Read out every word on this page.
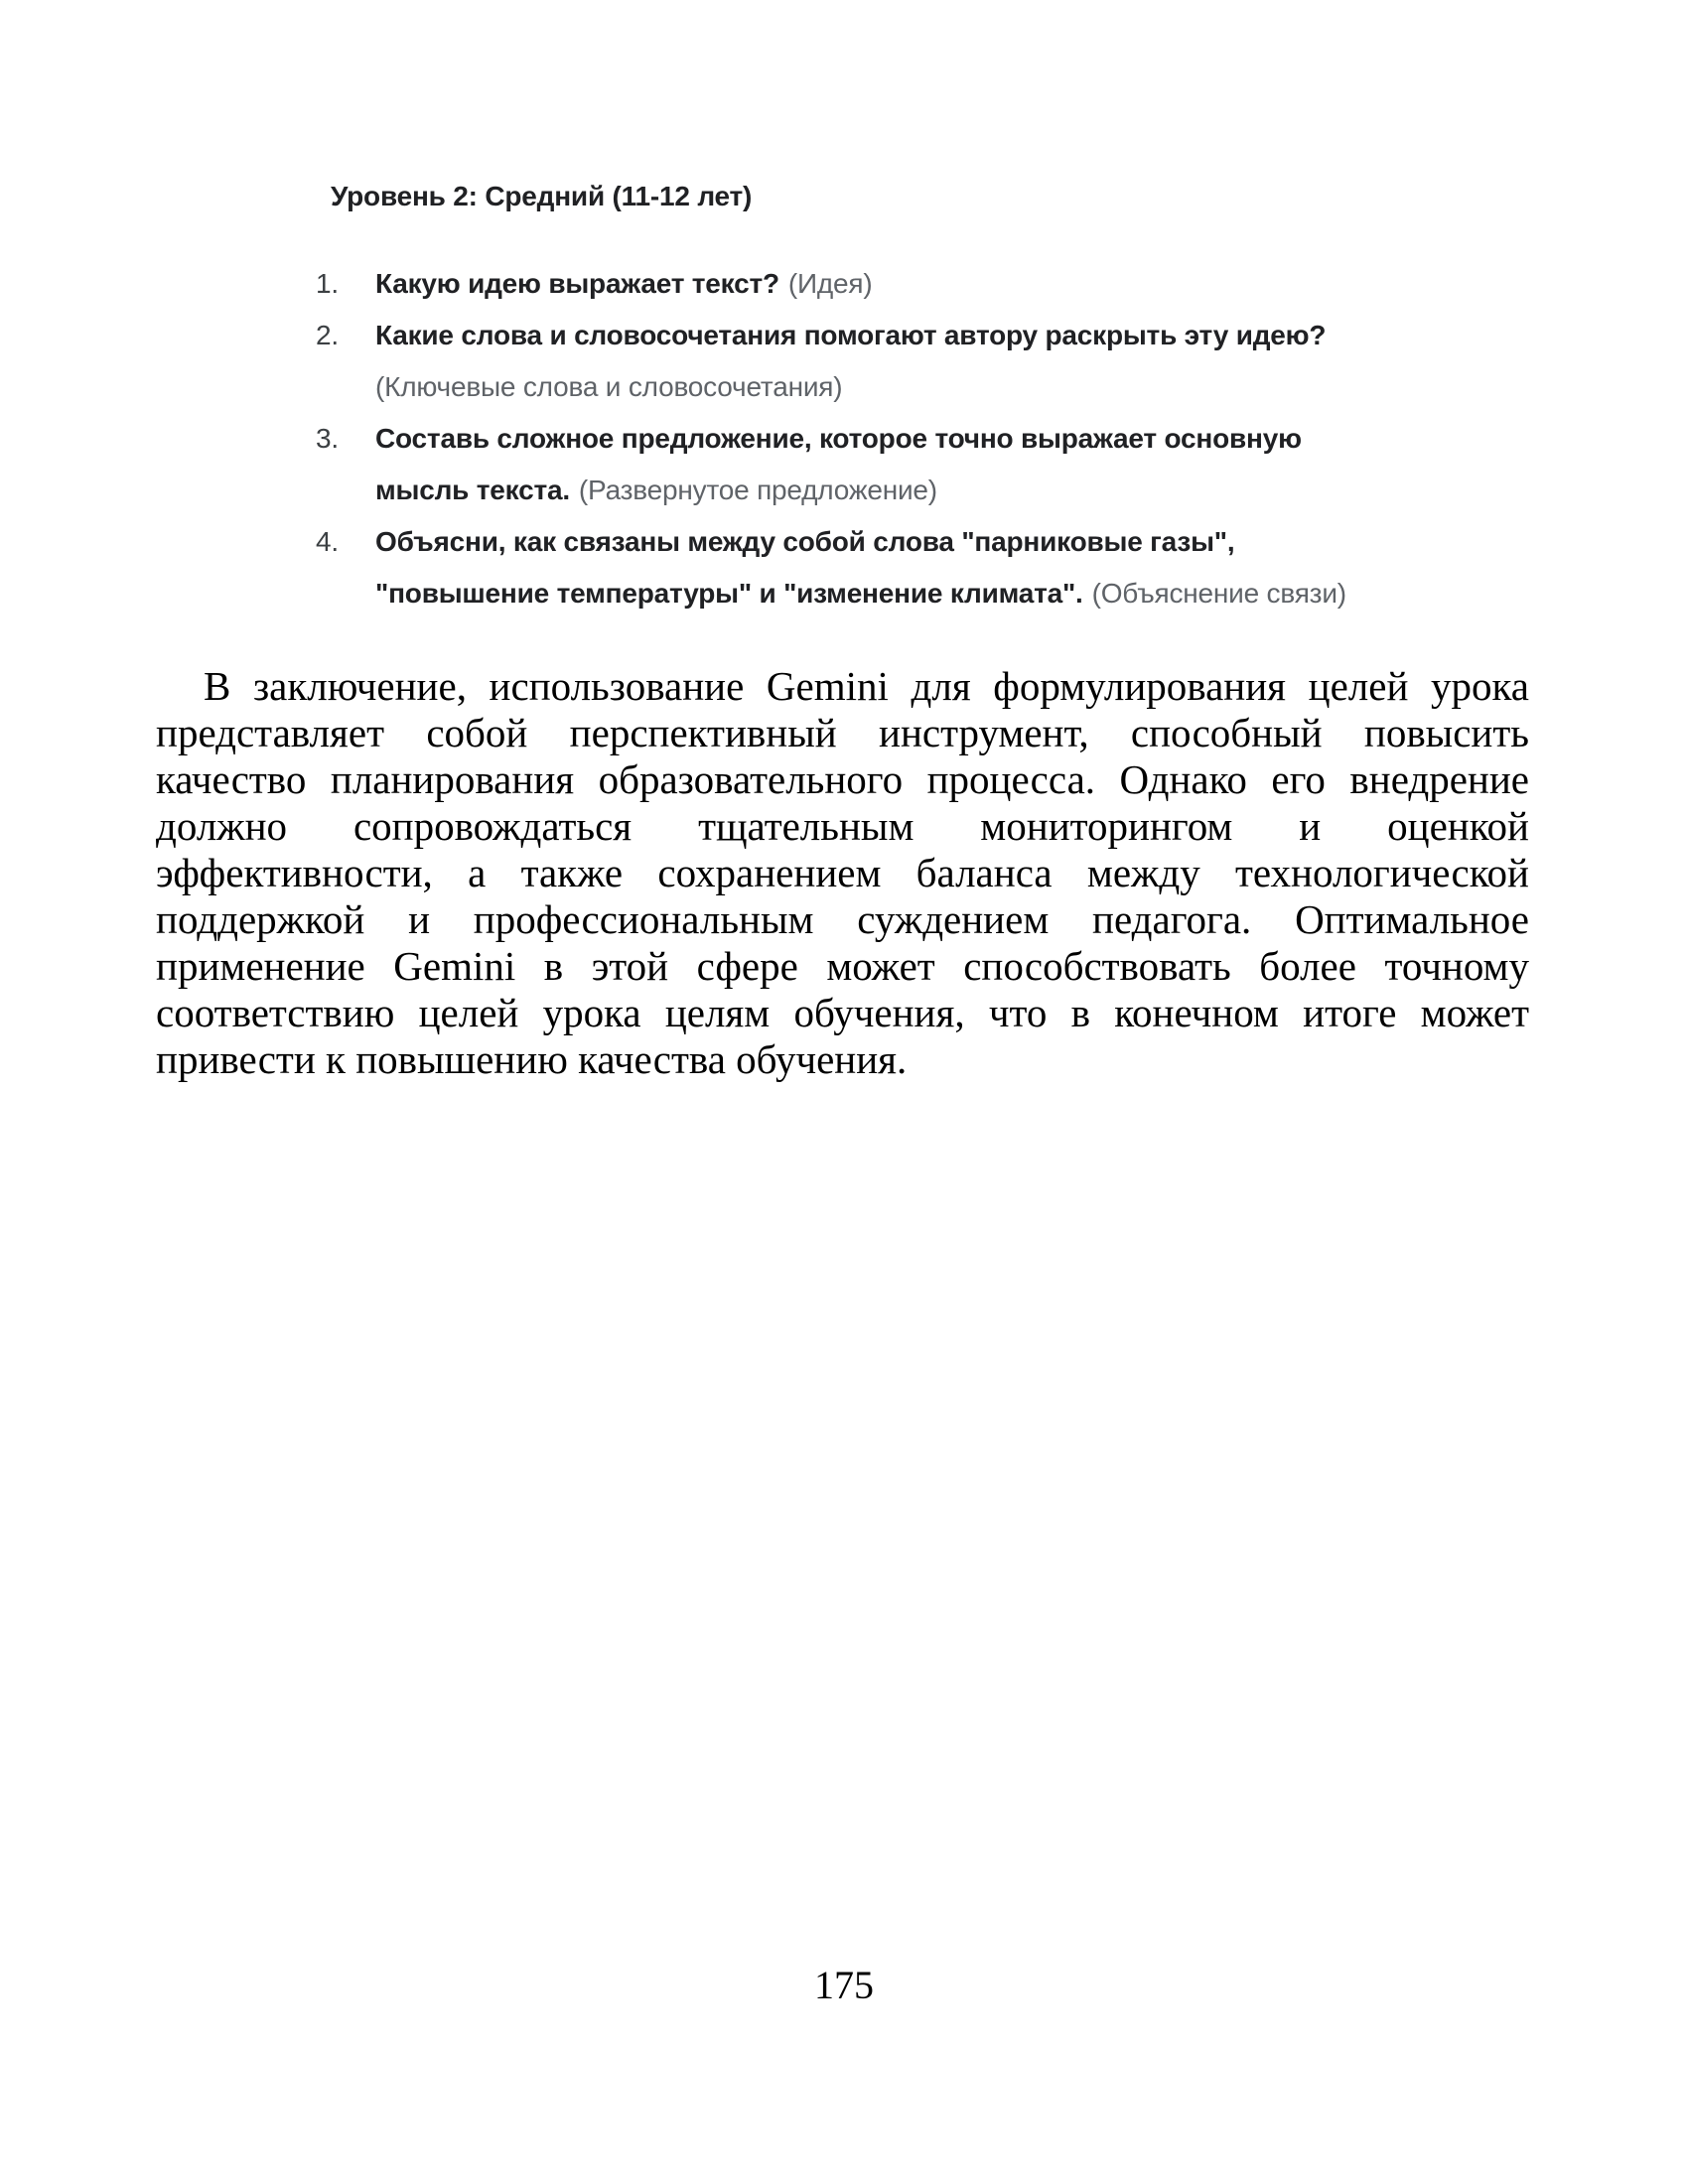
Уровень 2: Средний (11-12 лет)
1.	Какую идею выражает текст? (Идея)
2.	Какие слова и словосочетания помогают автору раскрыть эту идею?
(Ключевые слова и словосочетания)
3.	Составь сложное предложение, которое точно выражает основную
мысль текста. (Развернутое предложение)
4.	Объясни, как связаны между собой слова "парниковые газы",
"повышение температуры" и "изменение климата". (Объяснение связи)

В заключение, использование Gemini для формулирования целей урока представляет собой перспективный инструмент, способный повысить качество планирования образовательного процесса. Однако его внедрение должно сопровождаться тщательным мониторингом и оценкой эффективности, а также сохранением баланса между технологической поддержкой и профессиональным суждением педагога. Оптимальное применение Gemini в этой сфере может способствовать более точному соответствию целей урока целям обучения, что в конечном итоге может привести к повышению качества обучения.

175
